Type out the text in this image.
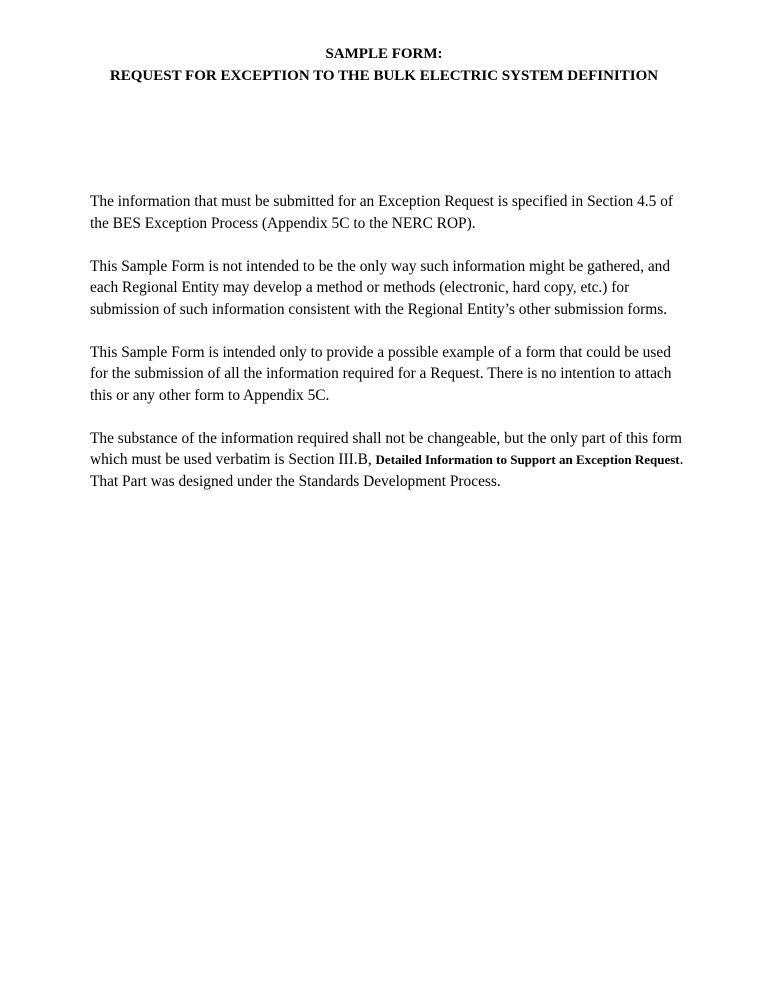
SAMPLE FORM:
REQUEST FOR EXCEPTION TO THE BULK ELECTRIC SYSTEM DEFINITION

The information that must be submitted for an Exception Request is specified in Section 4.5 of the BES Exception Process (Appendix 5C to the NERC ROP).

This Sample Form is not intended to be the only way such information might be gathered, and each Regional Entity may develop a method or methods (electronic, hard copy, etc.) for submission of such information consistent with the Regional Entity’s other submission forms.

This Sample Form is intended only to provide a possible example of a form that could be used for the submission of all the information required for a Request. There is no intention to attach this or any other form to Appendix 5C.

The substance of the information required shall not be changeable, but the only part of this form which must be used verbatim is Section III.B, Detailed Information to Support an Exception Request. That Part was designed under the Standards Development Process.
